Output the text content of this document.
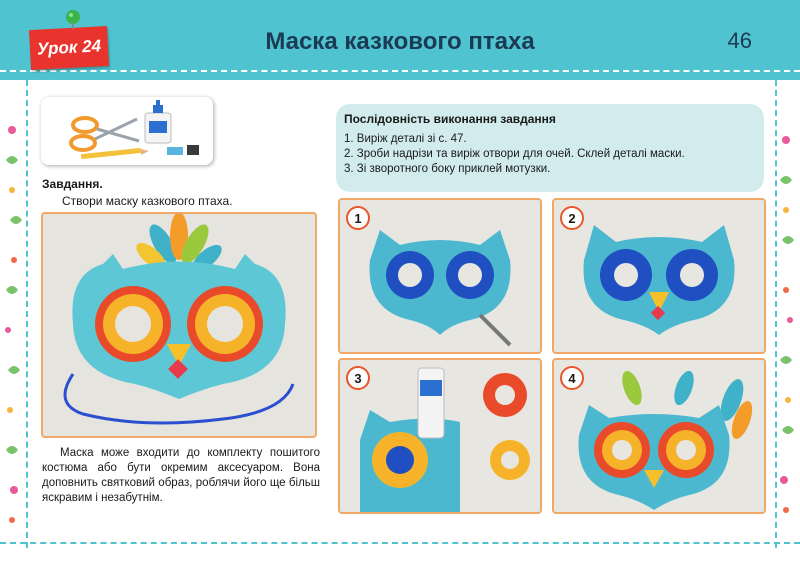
Урок 24	Маска казкового птаха	46
Завдання.
Створи маску казкового птаха.
Маска може входити до комплекту пошитого костюма або бути окремим аксесуаром. Вона доповнить святковий образ, роблячи його ще більш яскравим і незабутнім.
Послідовність виконання завдання
1. Виріж деталі зі с. 47.
2. Зроби надрізи та виріж отвори для очей. Склей деталі маски.
3. Зі зворотного боку приклей мотузки.
1	2
3	4
